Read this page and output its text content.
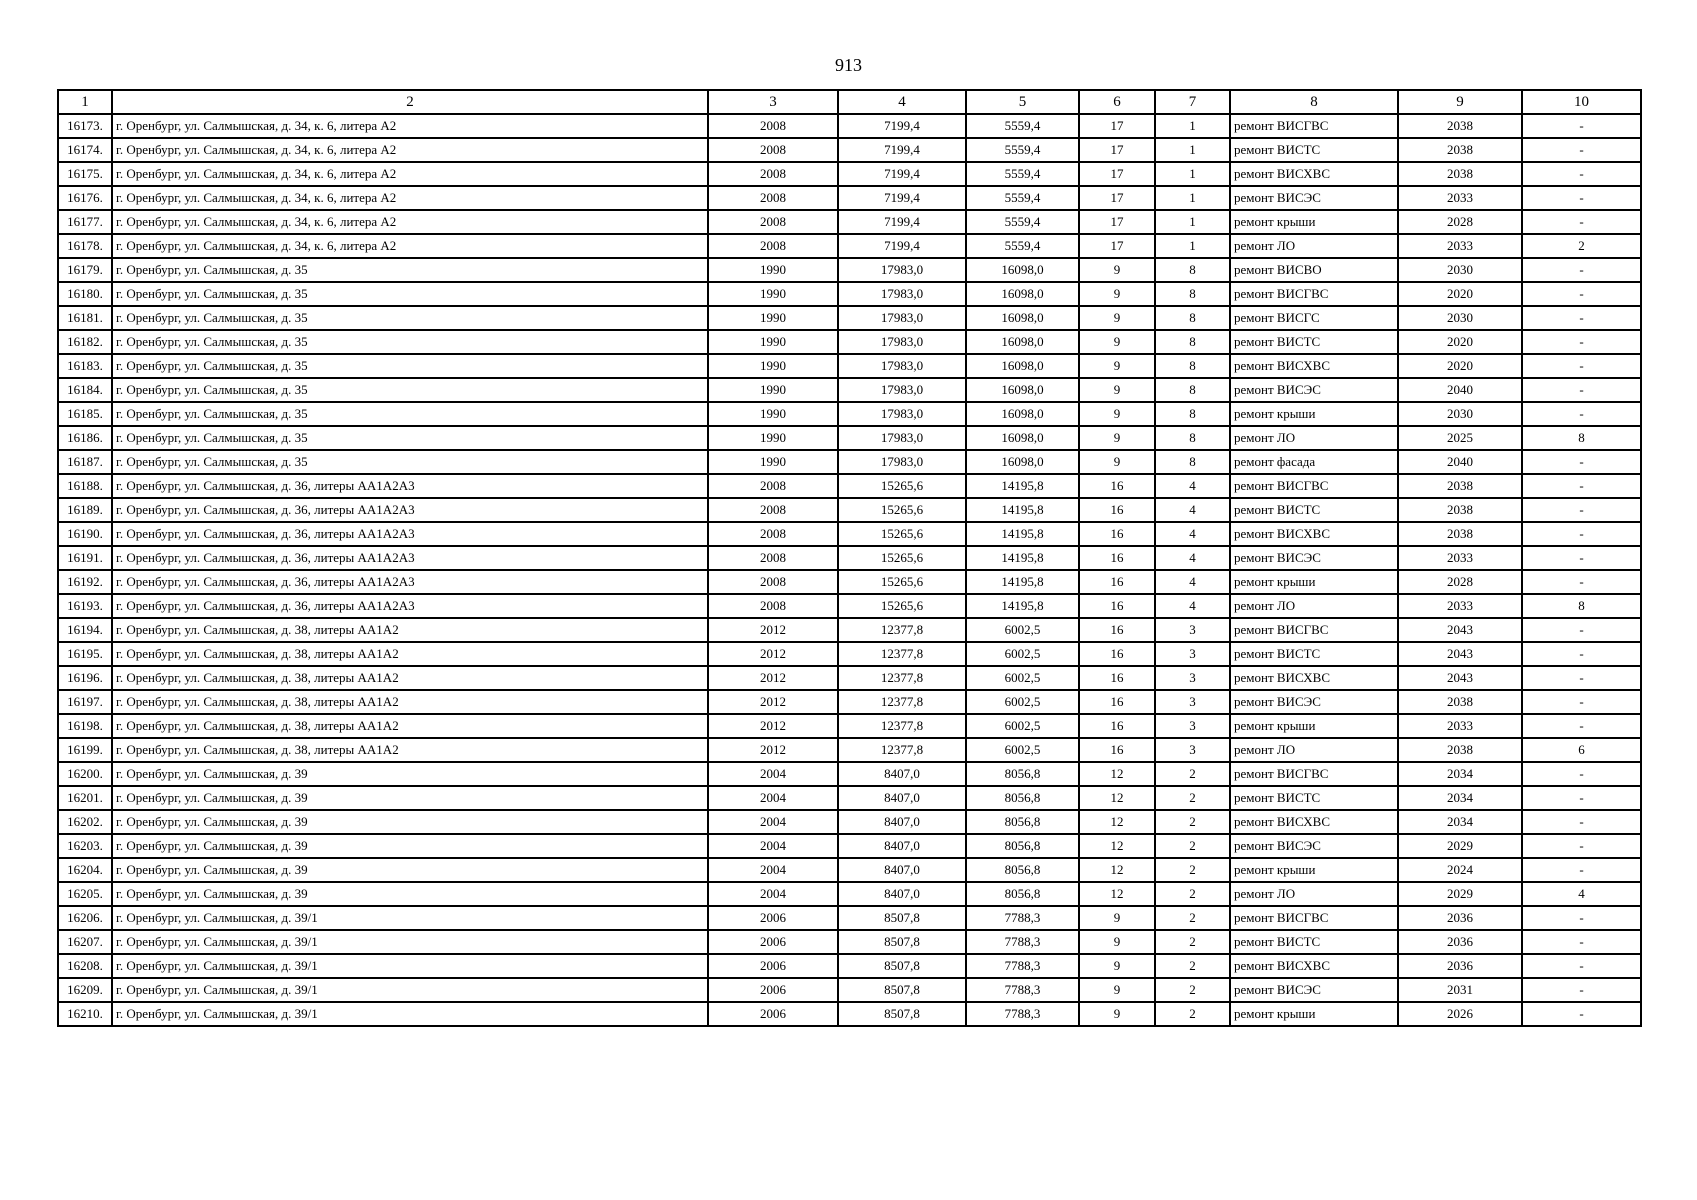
913
1	2	3	4	5	6	7	8	9	10
16173.	г. Оренбург, ул. Салмышская, д. 34, к. 6, литера А2	2008	7199,4	5559,4	17	1	ремонт ВИСГВС	2038	-
16174.	г. Оренбург, ул. Салмышская, д. 34, к. 6, литера А2	2008	7199,4	5559,4	17	1	ремонт ВИСТС	2038	-
16175.	г. Оренбург, ул. Салмышская, д. 34, к. 6, литера А2	2008	7199,4	5559,4	17	1	ремонт ВИСХВС	2038	-
16176.	г. Оренбург, ул. Салмышская, д. 34, к. 6, литера А2	2008	7199,4	5559,4	17	1	ремонт ВИСЭС	2033	-
16177.	г. Оренбург, ул. Салмышская, д. 34, к. 6, литера А2	2008	7199,4	5559,4	17	1	ремонт крыши	2028	-
16178.	г. Оренбург, ул. Салмышская, д. 34, к. 6, литера А2	2008	7199,4	5559,4	17	1	ремонт ЛО	2033	2
16179.	г. Оренбург, ул. Салмышская, д. 35	1990	17983,0	16098,0	9	8	ремонт ВИСВО	2030	-
16180.	г. Оренбург, ул. Салмышская, д. 35	1990	17983,0	16098,0	9	8	ремонт ВИСГВС	2020	-
16181.	г. Оренбург, ул. Салмышская, д. 35	1990	17983,0	16098,0	9	8	ремонт ВИСГС	2030	-
16182.	г. Оренбург, ул. Салмышская, д. 35	1990	17983,0	16098,0	9	8	ремонт ВИСТС	2020	-
16183.	г. Оренбург, ул. Салмышская, д. 35	1990	17983,0	16098,0	9	8	ремонт ВИСХВС	2020	-
16184.	г. Оренбург, ул. Салмышская, д. 35	1990	17983,0	16098,0	9	8	ремонт ВИСЭС	2040	-
16185.	г. Оренбург, ул. Салмышская, д. 35	1990	17983,0	16098,0	9	8	ремонт крыши	2030	-
16186.	г. Оренбург, ул. Салмышская, д. 35	1990	17983,0	16098,0	9	8	ремонт ЛО	2025	8
16187.	г. Оренбург, ул. Салмышская, д. 35	1990	17983,0	16098,0	9	8	ремонт фасада	2040	-
16188.	г. Оренбург, ул. Салмышская, д. 36, литеры АА1А2А3	2008	15265,6	14195,8	16	4	ремонт ВИСГВС	2038	-
16189.	г. Оренбург, ул. Салмышская, д. 36, литеры АА1А2А3	2008	15265,6	14195,8	16	4	ремонт ВИСТС	2038	-
16190.	г. Оренбург, ул. Салмышская, д. 36, литеры АА1А2А3	2008	15265,6	14195,8	16	4	ремонт ВИСХВС	2038	-
16191.	г. Оренбург, ул. Салмышская, д. 36, литеры АА1А2А3	2008	15265,6	14195,8	16	4	ремонт ВИСЭС	2033	-
16192.	г. Оренбург, ул. Салмышская, д. 36, литеры АА1А2А3	2008	15265,6	14195,8	16	4	ремонт крыши	2028	-
16193.	г. Оренбург, ул. Салмышская, д. 36, литеры АА1А2А3	2008	15265,6	14195,8	16	4	ремонт ЛО	2033	8
16194.	г. Оренбург, ул. Салмышская, д. 38, литеры АА1А2	2012	12377,8	6002,5	16	3	ремонт ВИСГВС	2043	-
16195.	г. Оренбург, ул. Салмышская, д. 38, литеры АА1А2	2012	12377,8	6002,5	16	3	ремонт ВИСТС	2043	-
16196.	г. Оренбург, ул. Салмышская, д. 38, литеры АА1А2	2012	12377,8	6002,5	16	3	ремонт ВИСХВС	2043	-
16197.	г. Оренбург, ул. Салмышская, д. 38, литеры АА1А2	2012	12377,8	6002,5	16	3	ремонт ВИСЭС	2038	-
16198.	г. Оренбург, ул. Салмышская, д. 38, литеры АА1А2	2012	12377,8	6002,5	16	3	ремонт крыши	2033	-
16199.	г. Оренбург, ул. Салмышская, д. 38, литеры АА1А2	2012	12377,8	6002,5	16	3	ремонт ЛО	2038	6
16200.	г. Оренбург, ул. Салмышская, д. 39	2004	8407,0	8056,8	12	2	ремонт ВИСГВС	2034	-
16201.	г. Оренбург, ул. Салмышская, д. 39	2004	8407,0	8056,8	12	2	ремонт ВИСТС	2034	-
16202.	г. Оренбург, ул. Салмышская, д. 39	2004	8407,0	8056,8	12	2	ремонт ВИСХВС	2034	-
16203.	г. Оренбург, ул. Салмышская, д. 39	2004	8407,0	8056,8	12	2	ремонт ВИСЭС	2029	-
16204.	г. Оренбург, ул. Салмышская, д. 39	2004	8407,0	8056,8	12	2	ремонт крыши	2024	-
16205.	г. Оренбург, ул. Салмышская, д. 39	2004	8407,0	8056,8	12	2	ремонт ЛО	2029	4
16206.	г. Оренбург, ул. Салмышская, д. 39/1	2006	8507,8	7788,3	9	2	ремонт ВИСГВС	2036	-
16207.	г. Оренбург, ул. Салмышская, д. 39/1	2006	8507,8	7788,3	9	2	ремонт ВИСТС	2036	-
16208.	г. Оренбург, ул. Салмышская, д. 39/1	2006	8507,8	7788,3	9	2	ремонт ВИСХВС	2036	-
16209.	г. Оренбург, ул. Салмышская, д. 39/1	2006	8507,8	7788,3	9	2	ремонт ВИСЭС	2031	-
16210.	г. Оренбург, ул. Салмышская, д. 39/1	2006	8507,8	7788,3	9	2	ремонт крыши	2026	-
